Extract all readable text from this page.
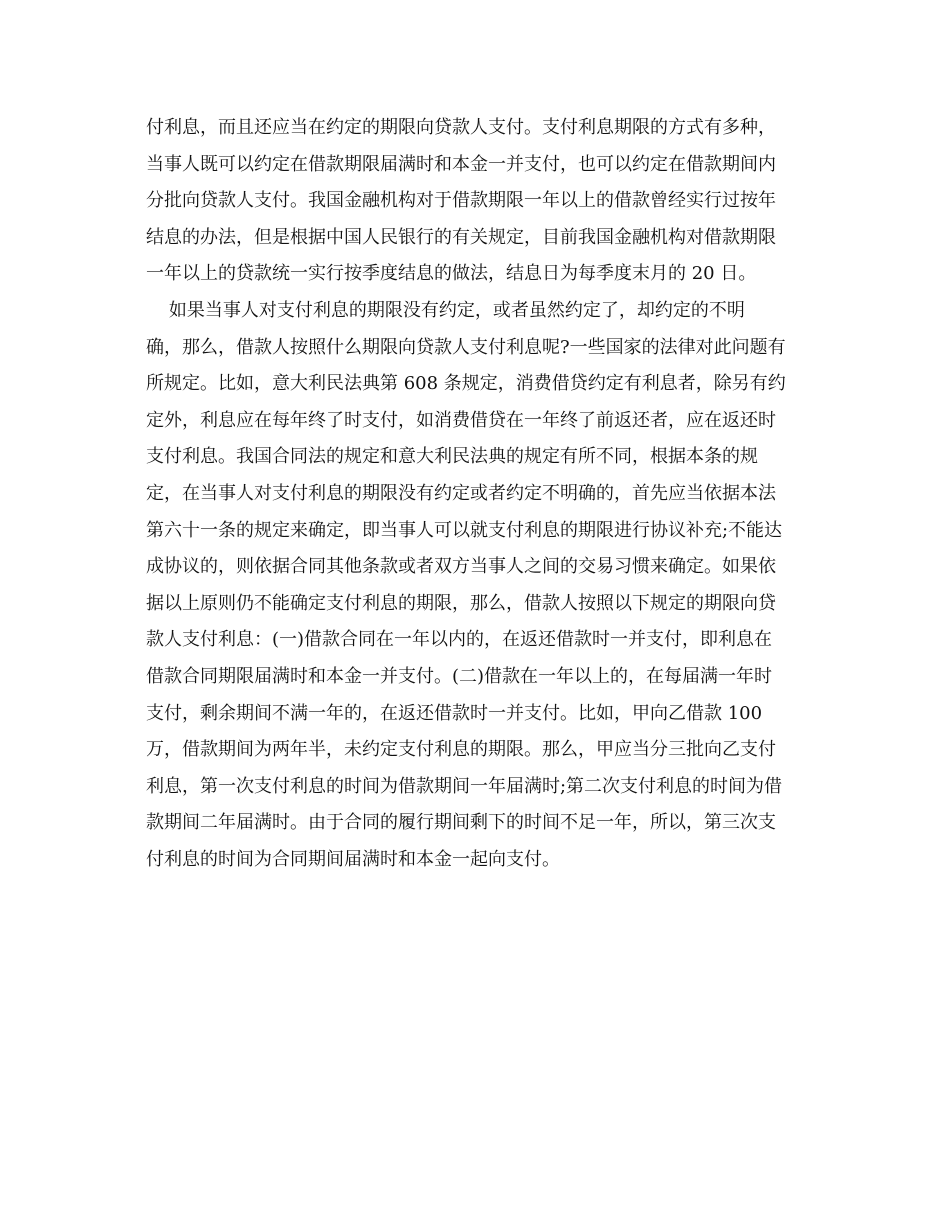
付利息，而且还应当在约定的期限向贷款人支付。支付利息期限的方式有多种，
当事人既可以约定在借款期限届满时和本金一并支付，也可以约定在借款期间内
分批向贷款人支付。我国金融机构对于借款期限一年以上的借款曾经实行过按年
结息的办法，但是根据中国人民银行的有关规定，目前我国金融机构对借款期限
一年以上的贷款统一实行按季度结息的做法，结息日为每季度末月的 20 日。
如果当事人对支付利息的期限没有约定，或者虽然约定了，却约定的不明
确，那么，借款人按照什么期限向贷款人支付利息呢?一些国家的法律对此问题有
所规定。比如，意大利民法典第 608 条规定，消费借贷约定有利息者，除另有约
定外，利息应在每年终了时支付，如消费借贷在一年终了前返还者，应在返还时
支付利息。我国合同法的规定和意大利民法典的规定有所不同，根据本条的规
定，在当事人对支付利息的期限没有约定或者约定不明确的，首先应当依据本法
第六十一条的规定来确定，即当事人可以就支付利息的期限进行协议补充;不能达
成协议的，则依据合同其他条款或者双方当事人之间的交易习惯来确定。如果依
据以上原则仍不能确定支付利息的期限，那么，借款人按照以下规定的期限向贷
款人支付利息：(一)借款合同在一年以内的，在返还借款时一并支付，即利息在
借款合同期限届满时和本金一并支付。(二)借款在一年以上的，在每届满一年时
支付，剩余期间不满一年的，在返还借款时一并支付。比如，甲向乙借款 100
万，借款期间为两年半，未约定支付利息的期限。那么，甲应当分三批向乙支付
利息，第一次支付利息的时间为借款期间一年届满时;第二次支付利息的时间为借
款期间二年届满时。由于合同的履行期间剩下的时间不足一年，所以，第三次支
付利息的时间为合同期间届满时和本金一起向支付。
